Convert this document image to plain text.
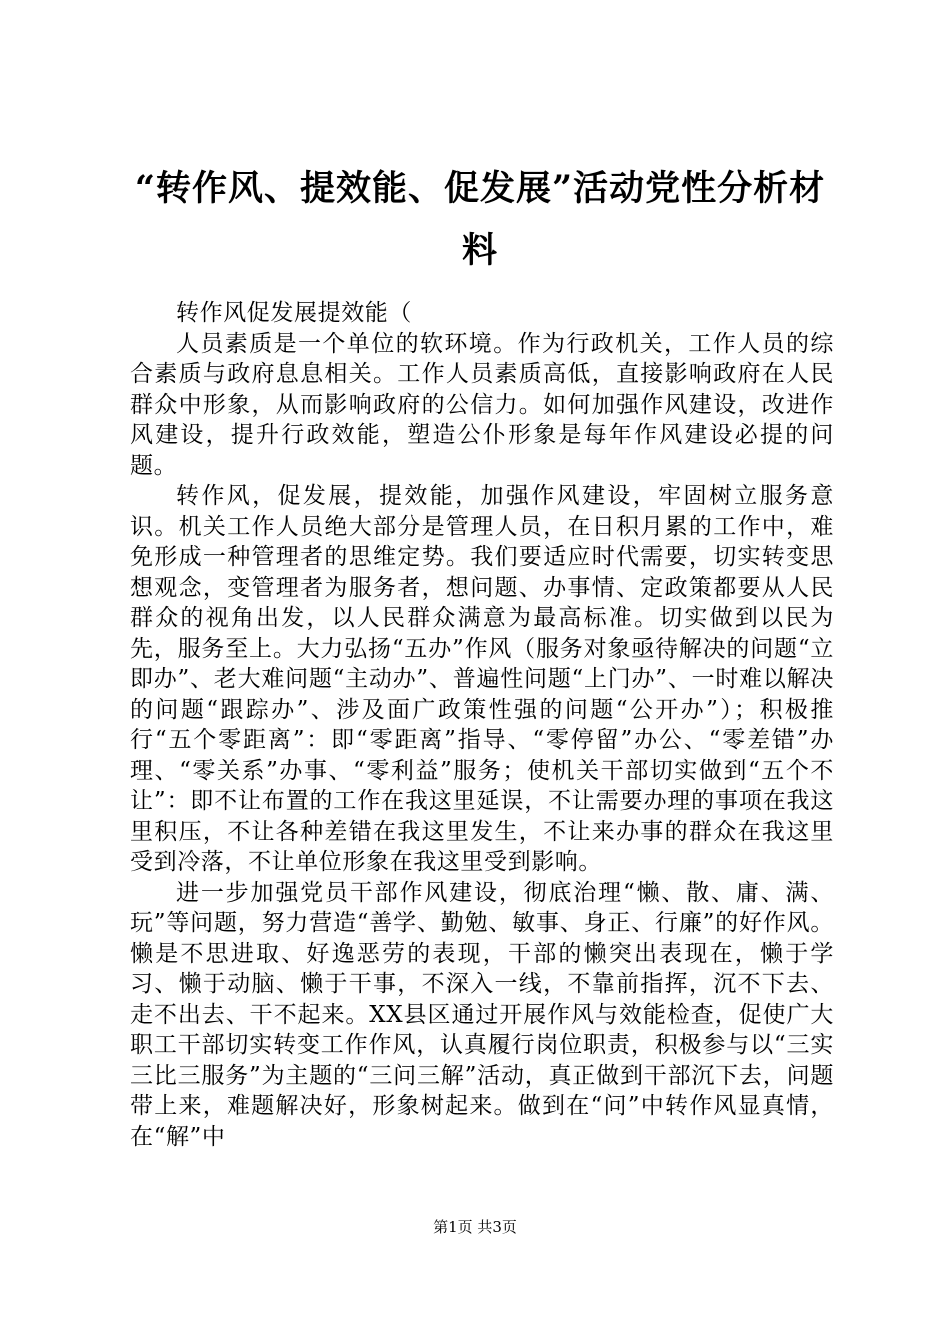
“转作风、提效能、促发展”活动党性分析材料

转作风促发展提效能（

人员素质是一个单位的软环境。作为行政机关，工作人员的综合素质与政府息息相关。工作人员素质高低，直接影响政府在人民群众中形象，从而影响政府的公信力。如何加强作风建设，改进作风建设，提升行政效能，塑造公仆形象是每年作风建设必提的问题。

转作风，促发展，提效能，加强作风建设，牢固树立服务意识。机关工作人员绝大部分是管理人员，在日积月累的工作中，难免形成一种管理者的思维定势。我们要适应时代需要，切实转变思想观念，变管理者为服务者，想问题、办事情、定政策都要从人民群众的视角出发，以人民群众满意为最高标准。切实做到以民为先，服务至上。大力弘扬“五办”作风（服务对象亟待解决的问题“立即办”、老大难问题“主动办”、普遍性问题“上门办”、一时难以解决的问题“跟踪办”、涉及面广政策性强的问题“公开办”）；积极推行“五个零距离”：即“零距离”指导、“零停留”办公、“零差错”办理、“零关系”办事、“零利益”服务；使机关干部切实做到“五个不让”：即不让布置的工作在我这里延误，不让需要办理的事项在我这里积压，不让各种差错在我这里发生，不让来办事的群众在我这里受到冷落，不让单位形象在我这里受到影响。

进一步加强党员干部作风建设，彻底治理“懒、散、庸、满、玩”等问题，努力营造“善学、勤勉、敏事、身正、行廉”的好作风。懒是不思进取、好逸恶劳的表现，干部的懒突出表现在，懒于学习、懒于动脑、懒于干事，不深入一线，不靠前指挥，沉不下去、走不出去、干不起来。XX县区通过开展作风与效能检查，促使广大职工干部切实转变工作作风，认真履行岗位职责，积极参与以“三实三比三服务”为主题的“三问三解”活动，真正做到干部沉下去，问题带上来，难题解决好，形象树起来。做到在“问”中转作风显真情，在“解”中

第1页 共3页
